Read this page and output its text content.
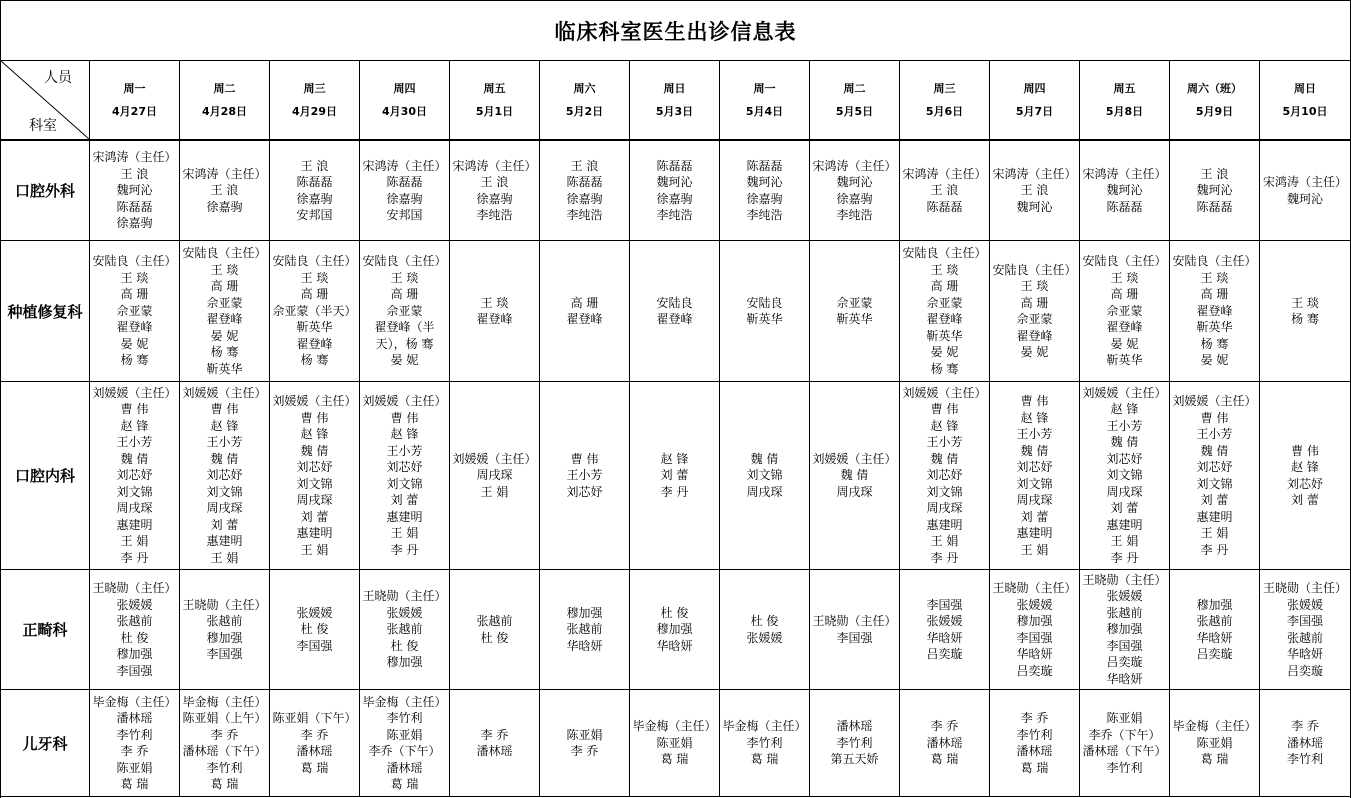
临床科室医生出诊信息表
人员
科室
周一
4月27日
周二
4月28日
周三
4月29日
周四
4月30日
周五
5月1日
周六
5月2日
周日
5月3日
周一
5月4日
周二
5月5日
周三
5月6日
周四
5月7日
周五
5月8日
周六（班）
5月9日
周日
5月10日
口腔外科
宋鸿涛（主任）
王 浪
魏珂沁
陈磊磊
徐嘉驹
宋鸿涛（主任）
王 浪
徐嘉驹
王 浪
陈磊磊
徐嘉驹
安邦国
宋鸿涛（主任）
陈磊磊
徐嘉驹
安邦国
宋鸿涛（主任）
王 浪
徐嘉驹
李纯浩
王 浪
陈磊磊
徐嘉驹
李纯浩
陈磊磊
魏珂沁
徐嘉驹
李纯浩
陈磊磊
魏珂沁
徐嘉驹
李纯浩
宋鸿涛（主任）
魏珂沁
徐嘉驹
李纯浩
宋鸿涛（主任）
王 浪
陈磊磊
宋鸿涛（主任）
王 浪
魏珂沁
宋鸿涛（主任）
魏珂沁
陈磊磊
王 浪
魏珂沁
陈磊磊
宋鸿涛（主任）
魏珂沁
种植修复科
安陆良（主任）
王 琰
高 珊
佘亚蒙
翟登峰
晏 妮
杨 骞
安陆良（主任）
王 琰
高 珊
佘亚蒙
翟登峰
晏 妮
杨 骞
靳英华
安陆良（主任）
王 琰
高 珊
佘亚蒙（半天）
靳英华
翟登峰
杨 骞
安陆良（主任）
王 琰
高 珊
佘亚蒙
翟登峰（半
天），杨 骞
晏 妮
王 琰
翟登峰
高 珊
翟登峰
安陆良
翟登峰
安陆良
靳英华
佘亚蒙
靳英华
安陆良（主任）
王 琰
高 珊
佘亚蒙
翟登峰
靳英华
晏 妮
杨 骞
安陆良（主任）
王 琰
高 珊
佘亚蒙
翟登峰
晏 妮
安陆良（主任）
王 琰
高 珊
佘亚蒙
翟登峰
晏 妮
靳英华
安陆良（主任）
王 琰
高 珊
翟登峰
靳英华
杨 骞
晏 妮
王 琰
杨 骞
口腔内科
刘媛媛（主任）
曹 伟
赵 锋
王小芳
魏 倩
刘芯妤
刘文锦
周戌琛
惠建明
王 娟
李 丹
刘媛媛（主任）
曹 伟
赵 锋
王小芳
魏 倩
刘芯妤
刘文锦
周戌琛
刘 蕾
惠建明
王 娟
刘媛媛（主任）
曹 伟
赵 锋
魏 倩
刘芯妤
刘文锦
周戌琛
刘 蕾
惠建明
王 娟
刘媛媛（主任）
曹 伟
赵 锋
王小芳
刘芯妤
刘文锦
刘 蕾
惠建明
王 娟
李 丹
刘媛媛（主任）
周戌琛
王 娟
曹 伟
王小芳
刘芯妤
赵 锋
刘 蕾
李 丹
魏 倩
刘文锦
周戌琛
刘媛媛（主任）
魏 倩
周戌琛
刘媛媛（主任）
曹 伟
赵 锋
王小芳
魏 倩
刘芯妤
刘文锦
周戌琛
惠建明
王 娟
李 丹
曹 伟
赵 锋
王小芳
魏 倩
刘芯妤
刘文锦
周戌琛
刘 蕾
惠建明
王 娟
刘媛媛（主任）
赵 锋
王小芳
魏 倩
刘芯妤
刘文锦
周戌琛
刘 蕾
惠建明
王 娟
李 丹
刘媛媛（主任）
曹 伟
王小芳
魏 倩
刘芯妤
刘文锦
刘 蕾
惠建明
王 娟
李 丹
曹 伟
赵 锋
刘芯妤
刘 蕾
正畸科
王晓勋（主任）
张媛媛
张越前
杜 俊
穆加强
李国强
王晓勋（主任）
张越前
穆加强
李国强
张媛媛
杜 俊
李国强
王晓勋（主任）
张媛媛
张越前
杜 俊
穆加强
张越前
杜 俊
穆加强
张越前
华晗妍
杜 俊
穆加强
华晗妍
杜 俊
张媛媛
王晓勋（主任）
李国强
李国强
张媛媛
华晗妍
吕奕璇
王晓勋（主任）
张媛媛
穆加强
李国强
华晗妍
吕奕璇
王晓勋（主任）
张媛媛
张越前
穆加强
李国强
吕奕璇
华晗妍
穆加强
张越前
华晗妍
吕奕璇
王晓勋（主任）
张媛媛
李国强
张越前
华晗妍
吕奕璇
儿牙科
毕金梅（主任）
潘林瑶
李竹利
李 乔
陈亚娟
葛 瑞
毕金梅（主任）
陈亚娟（上午）
李 乔
潘林瑶（下午）
李竹利
葛 瑞
陈亚娟（下午）
李 乔
潘林瑶
葛 瑞
毕金梅（主任）
李竹利
陈亚娟
李乔（下午）
潘林瑶
葛 瑞
李 乔
潘林瑶
陈亚娟
李 乔
毕金梅（主任）
陈亚娟
葛 瑞
毕金梅（主任）
李竹利
葛 瑞
潘林瑶
李竹利
第五天娇
李 乔
潘林瑶
葛 瑞
李 乔
李竹利
潘林瑶
葛 瑞
陈亚娟
李乔（下午）
潘林瑶（下午）
李竹利
毕金梅（主任）
陈亚娟
葛 瑞
李 乔
潘林瑶
李竹利
